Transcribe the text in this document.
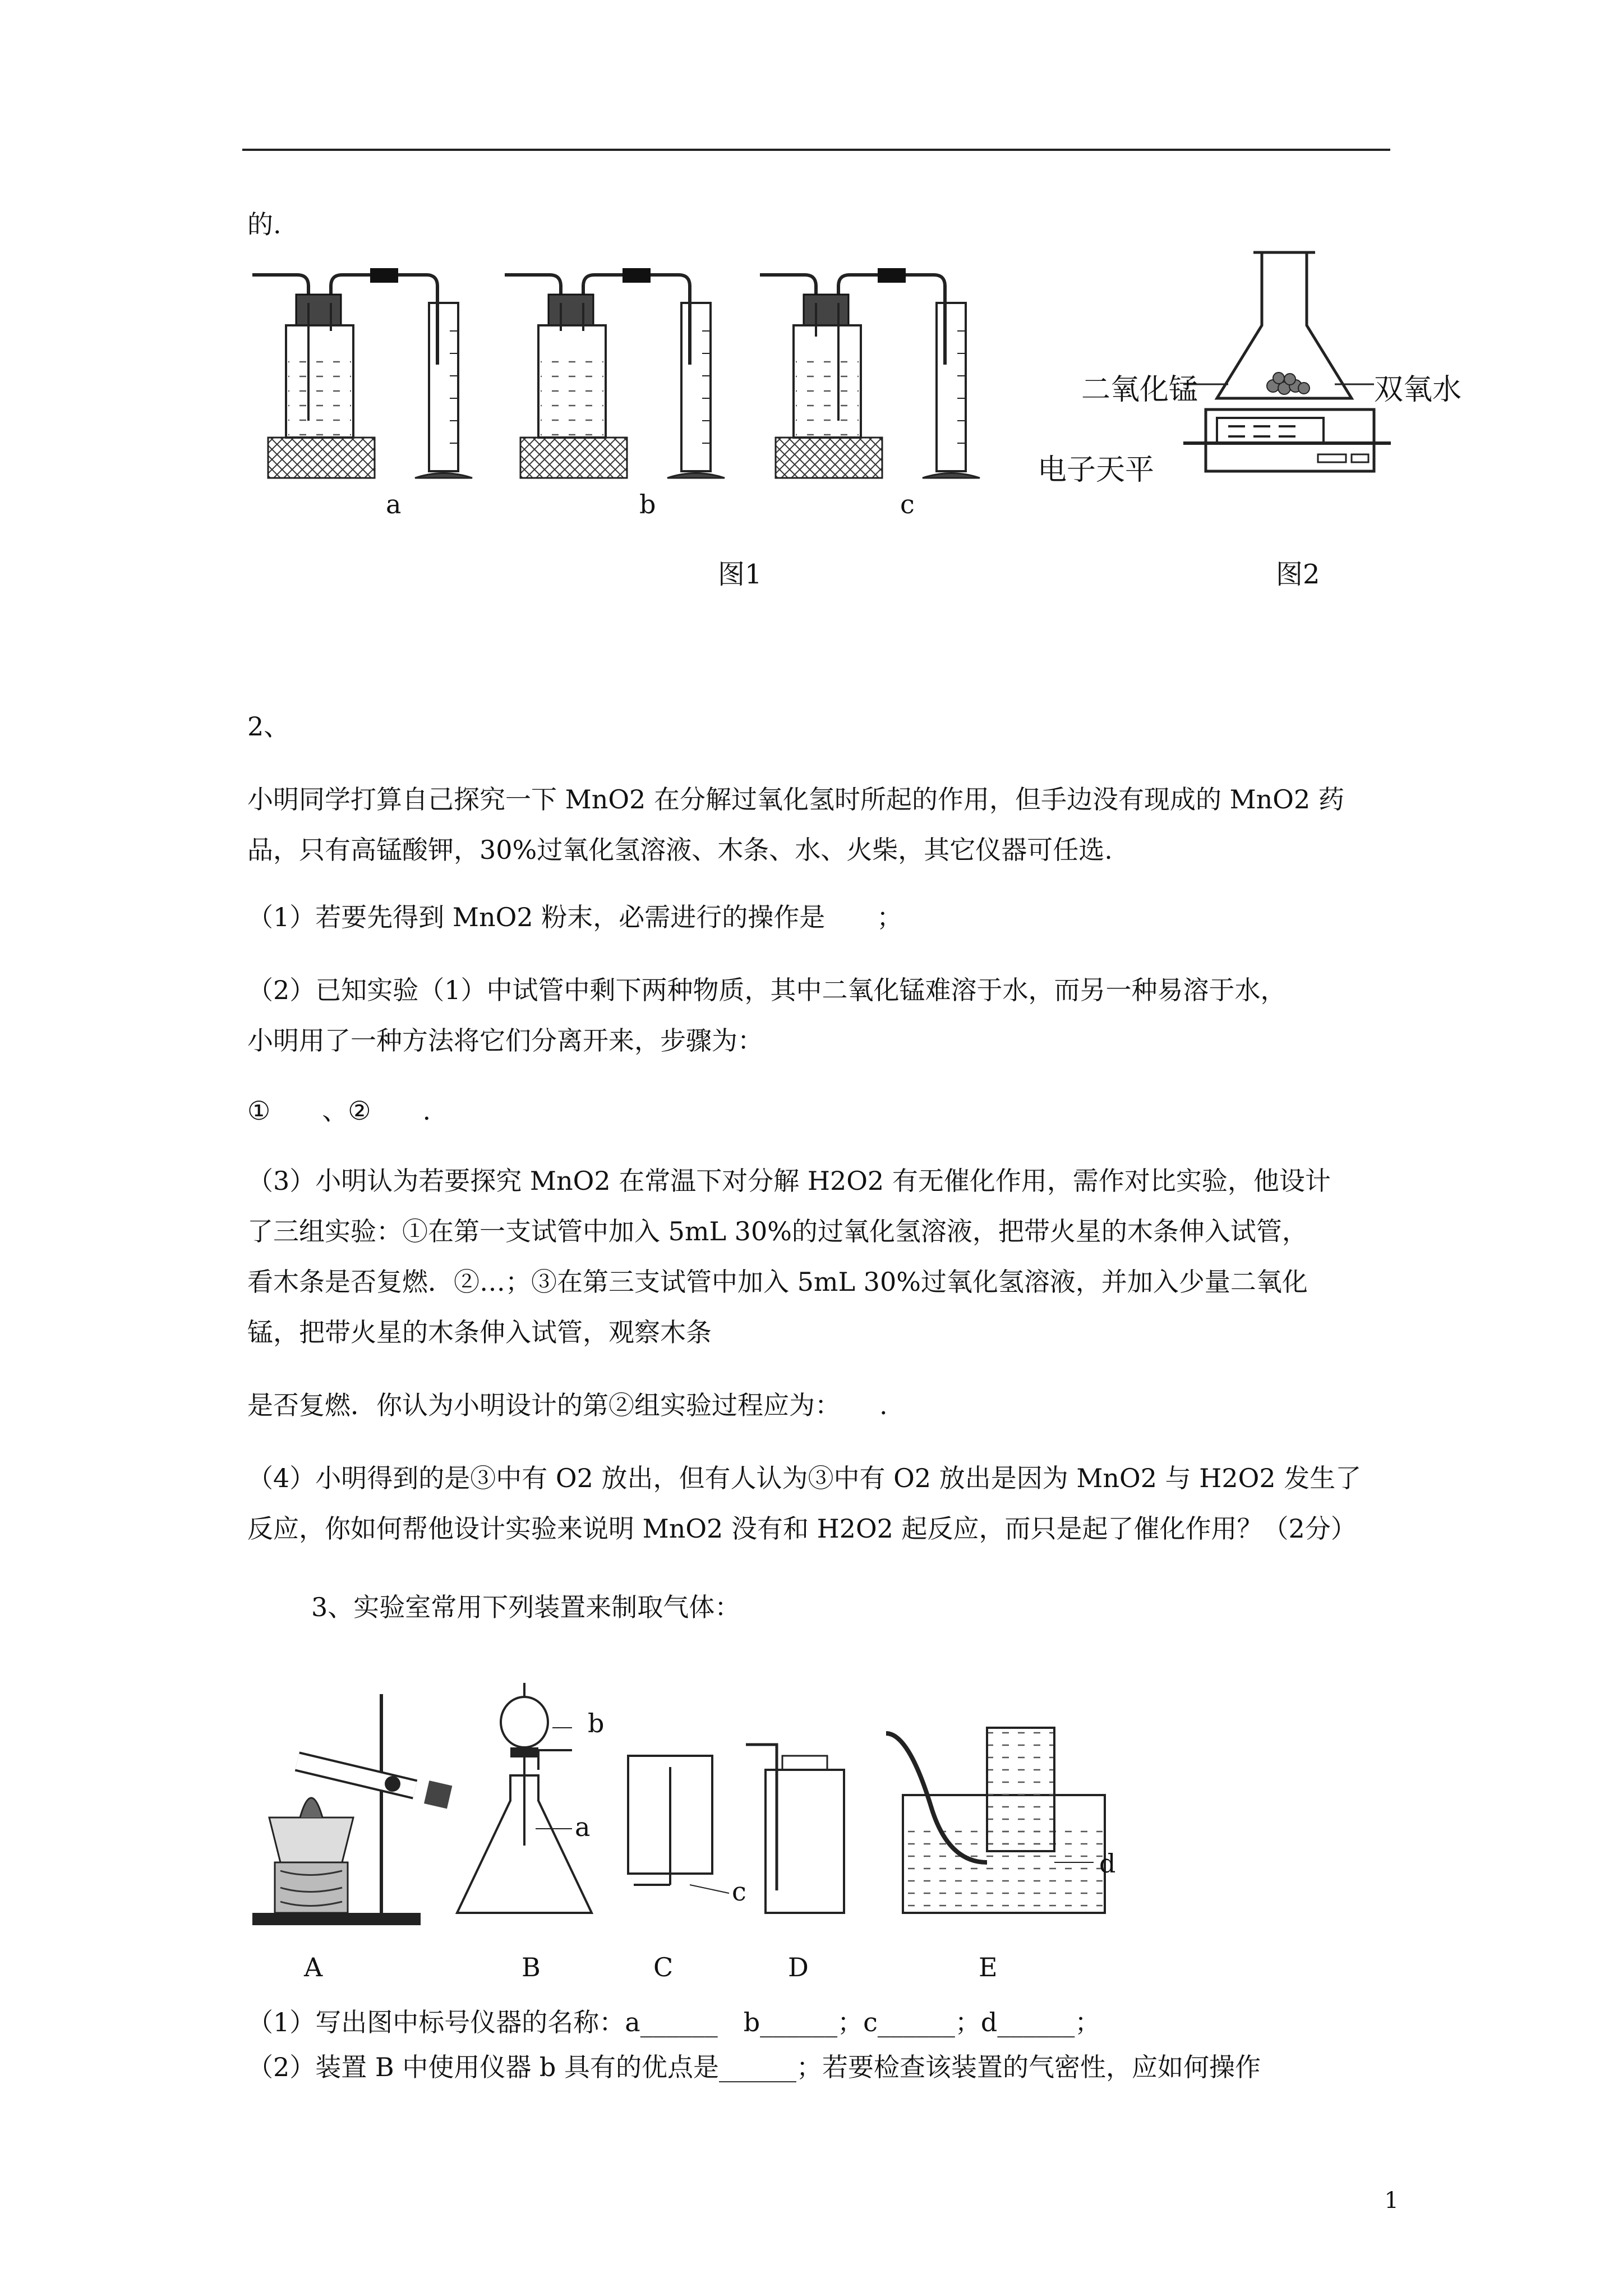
的.

a	b	c
图1
二氧化锰	双氧水
电子天平
图2

2、

小明同学打算自己探究一下 MnO2 在分解过氧化氢时所起的作用，但手边没有现成的 MnO2 药

品，只有高锰酸钾，30%过氧化氢溶液、木条、水、火柴，其它仪器可任选.

（1）若要先得到 MnO2 粉末，必需进行的操作是　　；

（2）已知实验（1）中试管中剩下两种物质，其中二氧化锰难溶于水，而另一种易溶于水，

小明用了一种方法将它们分离开来，步骤为：

①　　、②　　.

（3）小明认为若要探究 MnO2 在常温下对分解 H2O2 有无催化作用，需作对比实验，他设计

了三组实验：①在第一支试管中加入 5mL 30%的过氧化氢溶液，把带火星的木条伸入试管，

看木条是否复燃．②…；③在第三支试管中加入 5mL 30%过氧化氢溶液，并加入少量二氧化

锰，把带火星的木条伸入试管，观察木条

是否复燃．你认为小明设计的第②组实验过程应为：　　.

（4）小明得到的是③中有 O2 放出，但有人认为③中有 O2 放出是因为 MnO2 与 H2O2 发生了

反应，你如何帮他设计实验来说明 MnO2 没有和 H2O2 起反应，而只是起了催化作用？（2分）

3、实验室常用下列装置来制取气体：

b
a
c
d
A	B	C	D	E

（1）写出图中标号仪器的名称：a______　b______；c______；d______；

（2）装置 B 中使用仪器 b 具有的优点是______；若要检查该装置的气密性，应如何操作

1
